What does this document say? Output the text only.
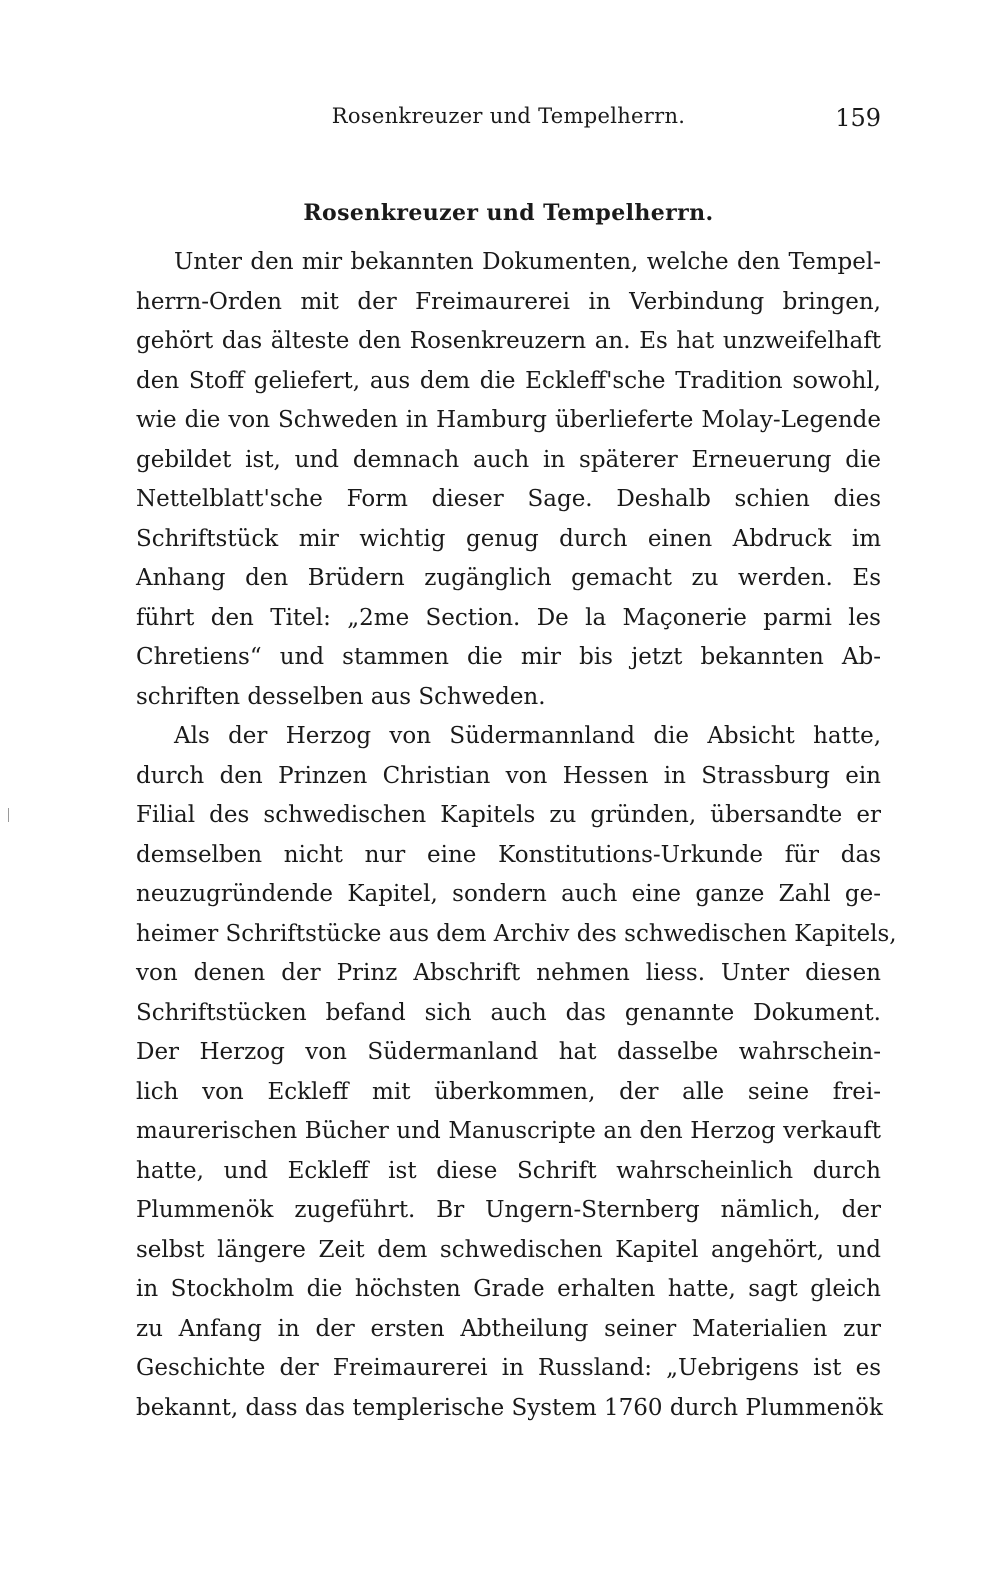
Rosenkreuzer und Tempelherrn.	159
Rosenkreuzer und Tempelherrn.
Unter den mir bekannten Dokumenten, welche den Tempel-
herrn-Orden mit der Freimaurerei in Verbindung bringen,
gehört das älteste den Rosenkreuzern an. Es hat unzweifelhaft
den Stoff geliefert, aus dem die Eckleff'sche Tradition sowohl,
wie die von Schweden in Hamburg überlieferte Molay-Legende
gebildet ist, und demnach auch in späterer Erneuerung die
Nettelblatt'sche Form dieser Sage. Deshalb schien dies
Schriftstück mir wichtig genug durch einen Abdruck im
Anhang den Brüdern zugänglich gemacht zu werden. Es
führt den Titel: „2me Section. De la Maçonerie parmi les
Chretiens“ und stammen die mir bis jetzt bekannten Ab-
schriften desselben aus Schweden.
Als der Herzog von Südermannland die Absicht hatte,
durch den Prinzen Christian von Hessen in Strassburg ein
Filial des schwedischen Kapitels zu gründen, übersandte er
demselben nicht nur eine Konstitutions-Urkunde für das
neuzugründende Kapitel, sondern auch eine ganze Zahl ge-
heimer Schriftstücke aus dem Archiv des schwedischen Kapitels,
von denen der Prinz Abschrift nehmen liess. Unter diesen
Schriftstücken befand sich auch das genannte Dokument.
Der Herzog von Südermanland hat dasselbe wahrschein-
lich von Eckleff mit überkommen, der alle seine frei-
maurerischen Bücher und Manuscripte an den Herzog verkauft
hatte, und Eckleff ist diese Schrift wahrscheinlich durch
Plummenök zugeführt. Br Ungern-Sternberg nämlich, der
selbst längere Zeit dem schwedischen Kapitel angehört, und
in Stockholm die höchsten Grade erhalten hatte, sagt gleich
zu Anfang in der ersten Abtheilung seiner Materialien zur
Geschichte der Freimaurerei in Russland: „Uebrigens ist es
bekannt, dass das templerische System 1760 durch Plummenök
